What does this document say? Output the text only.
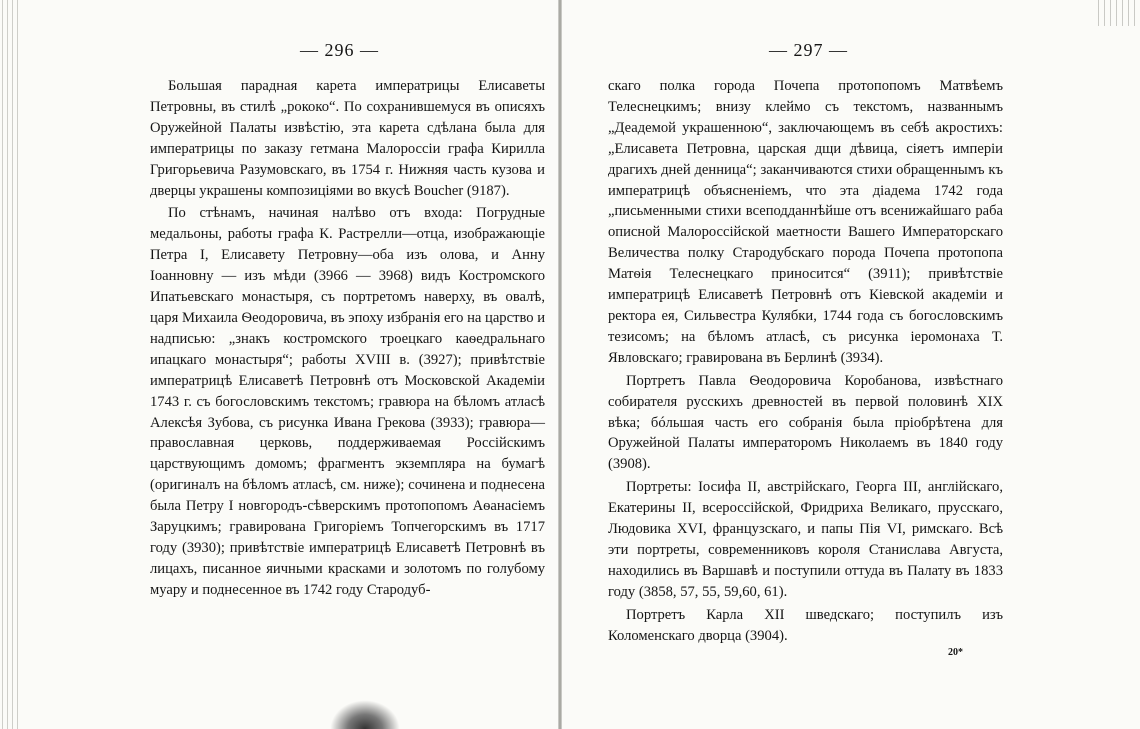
— 296 —

Большая парадная карета императрицы Елисаветы Петровны, въ стилѣ „рококо“. По сохранившемуся въ описяхъ Оружейной Палаты извѣстію, эта карета сдѣлана была для императрицы по заказу гетмана Малороссіи графа Кирилла Григорьевича Разумовскаго, въ 1754 г. Нижняя часть кузова и дверцы украшены композиціями во вкусѣ Boucher (9187).

По стѣнамъ, начиная налѣво отъ входа: Погрудные медальоны, работы графа К. Растрелли—отца, изображающіе Петра I, Елисавету Петровну—оба изъ олова, и Анну Іоанновну — изъ мѣди (3966 — 3968) видъ Костромского Ипатьевскаго монастыря, съ портретомъ наверху, въ овалѣ, царя Михаила Ѳеодоровича, въ эпоху избранія его на царство и надписью: „знакъ костромского троецкаго каѳедральнаго ипацкаго монастыря“; работы XVIII в. (3927); привѣтствіе императрицѣ Елисаветѣ Петровнѣ отъ Московской Академіи 1743 г. съ богословскимъ текстомъ; гравюра на бѣломъ атласѣ Алексѣя Зубова, съ рисунка Ивана Грекова (3933); гравюра—православная церковь, поддерживаемая Россійскимъ царствующимъ домомъ; фрагментъ экземпляра на бумагѣ (оригиналъ на бѣломъ атласѣ, см. ниже); сочинена и поднесена была Петру I новгородъ-сѣверскимъ протопопомъ Аѳанасіемъ Заруцкимъ; гравирована Григоріемъ Топчегорскимъ въ 1717 году (3930); привѣтствіе императрицѣ Елисаветѣ Петровнѣ въ лицахъ, писанное яичными красками и золотомъ по голубому муару и поднесенное въ 1742 году Стародуб-

— 297 —

скаго полка города Почепа протопопомъ Матвѣемъ Телеснецкимъ; внизу клеймо съ текстомъ, названнымъ „Деадемой украшенною“, заключающемъ въ себѣ акростихъ: „Елисавета Петровна, царская дщи дѣвица, сіяетъ имперіи драгихъ дней денница“; заканчиваются стихи обращеннымъ къ императрицѣ объясненіемъ, что эта діадема 1742 года „письменными стихи всеподданнѣйше отъ всенижайшаго раба описной Малороссійской маетности Вашего Императорскаго Величества полку Стародубскаго порода Почепа протопопа Матѳія Телеснецкаго приносится“ (3911); привѣтствіе императрицѣ Елисаветѣ Петровнѣ отъ Кіевской академіи и ректора ея, Сильвестра Кулябки, 1744 года съ богословскимъ тезисомъ; на бѣломъ атласѣ, съ рисунка іеромонаха Т. Явловскаго; гравирована въ Берлинѣ (3934).

Портретъ Павла Ѳеодоровича Коробанова, извѣстнаго собирателя русскихъ древностей въ первой половинѣ XIX вѣка; бóльшая часть его собранія была пріобрѣтена для Оружейной Палаты императоромъ Николаемъ въ 1840 году (3908).

Портреты: Іосифа II, австрійскаго, Георга III, англійскаго, Екатерины II, всероссійской, Фридриха Великаго, прусскаго, Людовика XVI, французскаго, и папы Пія VI, римскаго. Всѣ эти портреты, современниковъ короля Станислава Августа, находились въ Варшавѣ и поступили оттуда въ Палату въ 1833 году (3858, 57, 55, 59,60, 61).

Портретъ Карла XII шведскаго; поступилъ изъ Коломенскаго дворца (3904).

20*
